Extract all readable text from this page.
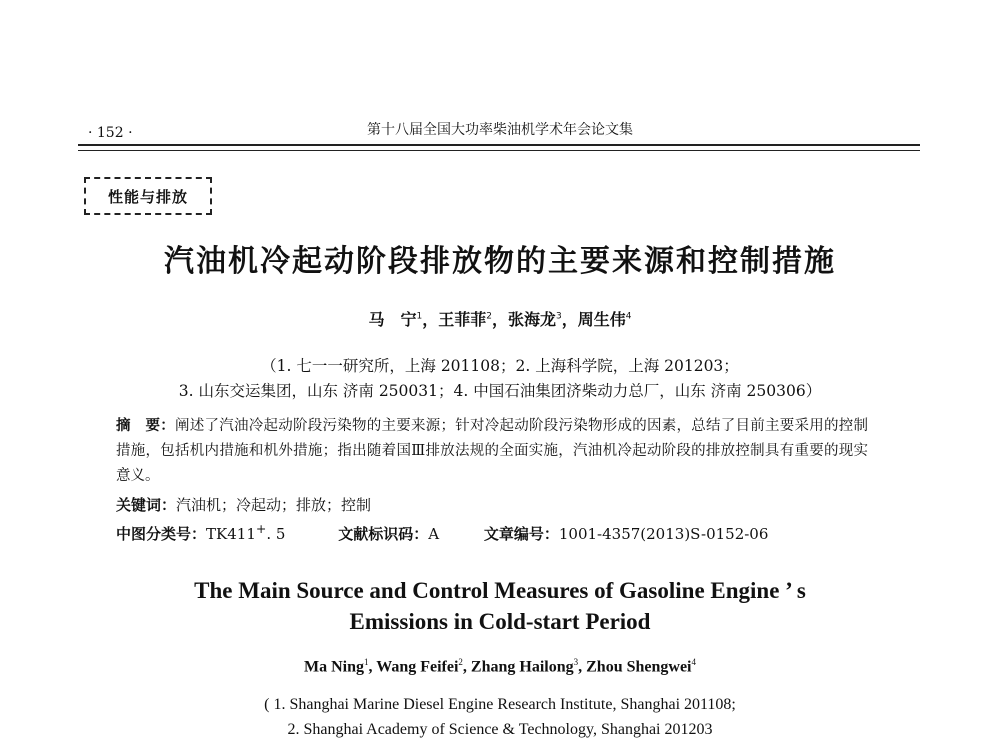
· 152 ·	第十八届全国大功率柴油机学术年会论文集
性能与排放
汽油机冷起动阶段排放物的主要来源和控制措施
马　宁$^1$，王菲菲$^2$，张海龙$^3$，周生伟$^4$
（1. 七一一研究所，上海 201108；2. 上海科学院，上海 201203；
3. 山东交运集团，山东 济南 250031；4. 中国石油集团济柴动力总厂，山东 济南 250306）
摘　要：阐述了汽油冷起动阶段污染物的主要来源；针对冷起动阶段污染物形成的因素，总结了目前主要采用的控制措施，包括机内措施和机外措施；指出随着国Ⅲ排放法规的全面实施，汽油机冷起动阶段的排放控制具有重要的现实意义。
关键词：汽油机；冷起动；排放；控制
中图分类号：TK411+. 5	文献标识码：A	文章编号：1001-4357(2013)S-0152-06
The Main Source and Control Measures of Gasoline Engine ’ s
Emissions in Cold-start Period
Ma Ning$^1$, Wang Feifei$^2$, Zhang Hailong$^3$, Zhou Shengwei$^4$
( 1. Shanghai Marine Diesel Engine Research Institute, Shanghai 201108;
2. Shanghai Academy of Science & Technology, Shanghai 201203
